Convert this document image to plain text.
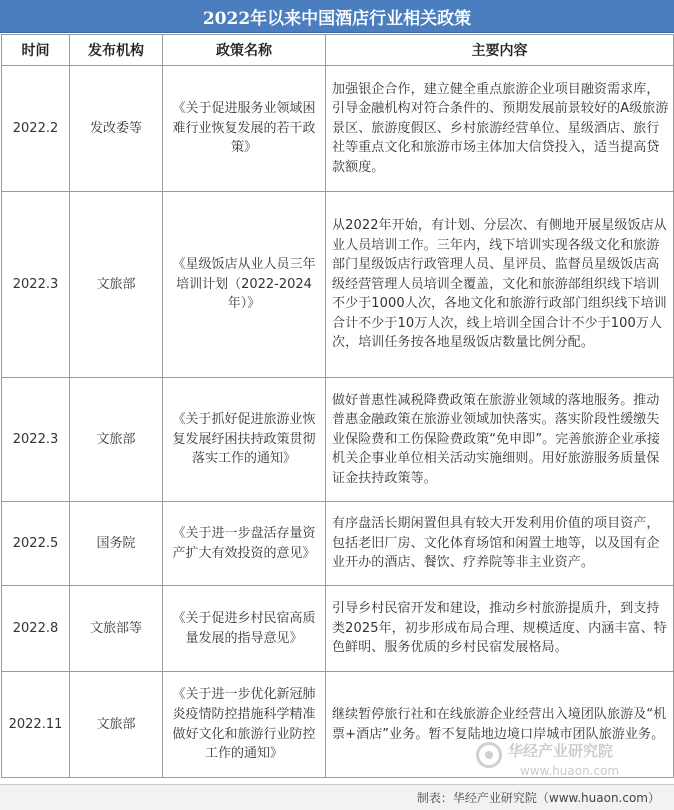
2022年以来中国酒店行业相关政策
时间	发布机构	政策名称	主要内容
2022.2	发改委等	《关于促进服务业领域困难行业恢复发展的若干政策》	加强银企合作，建立健全重点旅游企业项目融资需求库，引导金融机构对符合条件的、预期发展前景较好的A级旅游景区、旅游度假区、乡村旅游经营单位、星级酒店、旅行社等重点文化和旅游市场主体加大信贷投入，适当提高贷款额度。
2022.3	文旅部	《星级饭店从业人员三年培训计划（2022-2024年）》	从2022年开始，有计划、分层次、有侧地开展星级饭店从业人员培训工作。三年内，线下培训实现各级文化和旅游部门星级饭店行政管理人员、星评员、监督员星级饭店高级经营管理人员培训全覆盖，文化和旅游部组织线下培训不少于1000人次，各地文化和旅游行政部门组织线下培训合计不少于10万人次，线上培训全国合计不少于100万人次，培训任务按各地星级饭店数量比例分配。
2022.3	文旅部	《关于抓好促进旅游业恢复发展纾困扶持政策贯彻落实工作的通知》	做好普惠性减税降费政策在旅游业领域的落地服务。推动普惠金融政策在旅游业领域加快落实。落实阶段性缓缴失业保险费和工伤保险费政策“免申即”。完善旅游企业承接机关企事业单位相关活动实施细则。用好旅游服务质量保证金扶持政策等。
2022.5	国务院	《关于进一步盘活存量资产扩大有效投资的意见》	有序盘活长期闲置但具有较大开发利用价值的项目资产，包括老旧厂房、文化体育场馆和闲置土地等，以及国有企业开办的酒店、餐饮、疗养院等非主业资产。
2022.8	文旅部等	《关于促进乡村民宿高质量发展的指导意见》	引导乡村民宿开发和建设，推动乡村旅游提质升，到支持类2025年，初步形成布局合理、规模适度、内涵丰富、特色鲜明、服务优质的乡村民宿发展格局。
2022.11	文旅部	《关于进一步优化新冠肺炎疫情防控措施科学精准做好文化和旅游行业防控工作的通知》	继续暂停旅行社和在线旅游企业经营出入境团队旅游及“机票+酒店”业务。暂不复陆地边境口岸城市团队旅游业务。
华经产业研究院
www.huaon.com
制表：华经产业研究院（www.huaon.com）
